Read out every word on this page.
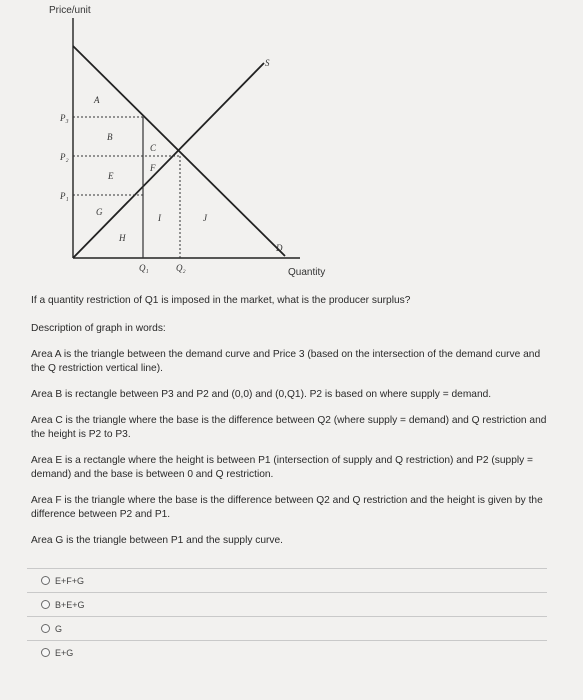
Price/unit
Quantity
S
D
P₃
P₂
P₁
Q₁	Q₂
A
B
C
F
E
G
I	J
H

If a quantity restriction of Q1 is imposed in the market, what is the producer surplus?

Description of graph in words:

Area A is the triangle between the demand curve and Price 3 (based on the intersection of the demand curve and the Q restriction vertical line).

Area B is rectangle between P3 and P2 and (0,0) and (0,Q1). P2 is based on where supply = demand.

Area C is the triangle where the base is the difference between Q2 (where supply = demand) and Q restriction and the height is P2 to P3.

Area E is a rectangle where the height is between P1 (intersection of supply and Q restriction) and P2 (supply = demand) and the base is between 0 and Q restriction.

Area F is the triangle where the base is the difference between Q2 and Q restriction and the height is given by the difference between P2 and P1.

Area G is the triangle between P1 and the supply curve.

E+F+G
B+E+G
G
E+G
